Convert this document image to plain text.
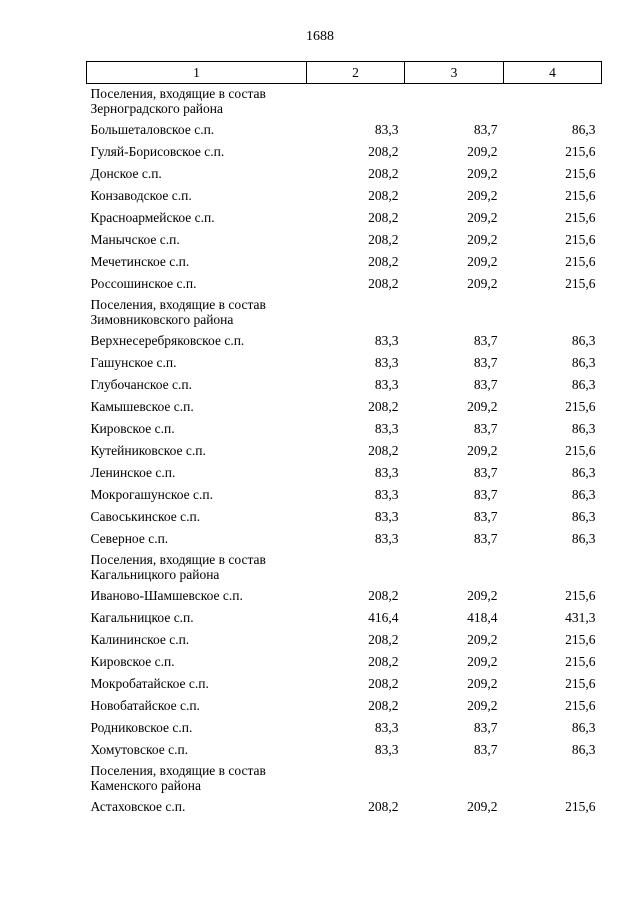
1688
1	2	3	4

Поселения, входящие в состав
Зерноградского района			

Большеталовское с.п.	83,3	83,7	86,3
Гуляй-Борисовское с.п.	208,2	209,2	215,6
Донское с.п.	208,2	209,2	215,6
Конзаводское с.п.	208,2	209,2	215,6
Красноармейское с.п.	208,2	209,2	215,6
Манычское с.п.	208,2	209,2	215,6
Мечетинское с.п.	208,2	209,2	215,6
Россошинское с.п.	208,2	209,2	215,6

Поселения, входящие в состав
Зимовниковского района			

Верхнесеребряковское с.п.	83,3	83,7	86,3
Гашунское с.п.	83,3	83,7	86,3
Глубочанское с.п.	83,3	83,7	86,3
Камышевское с.п.	208,2	209,2	215,6
Кировское с.п.	83,3	83,7	86,3
Кутейниковское с.п.	208,2	209,2	215,6
Ленинское с.п.	83,3	83,7	86,3
Мокрогашунское с.п.	83,3	83,7	86,3
Савоськинское с.п.	83,3	83,7	86,3
Северное с.п.	83,3	83,7	86,3

Поселения, входящие в состав
Кагальницкого района			

Иваново-Шамшевское с.п.	208,2	209,2	215,6
Кагальницкое с.п.	416,4	418,4	431,3
Калининское с.п.	208,2	209,2	215,6
Кировское с.п.	208,2	209,2	215,6
Мокробатайское с.п.	208,2	209,2	215,6
Новобатайское с.п.	208,2	209,2	215,6
Родниковское с.п.	83,3	83,7	86,3
Хомутовское с.п.	83,3	83,7	86,3

Поселения, входящие в состав
Каменского района			

Астаховское с.п.	208,2	209,2	215,6
